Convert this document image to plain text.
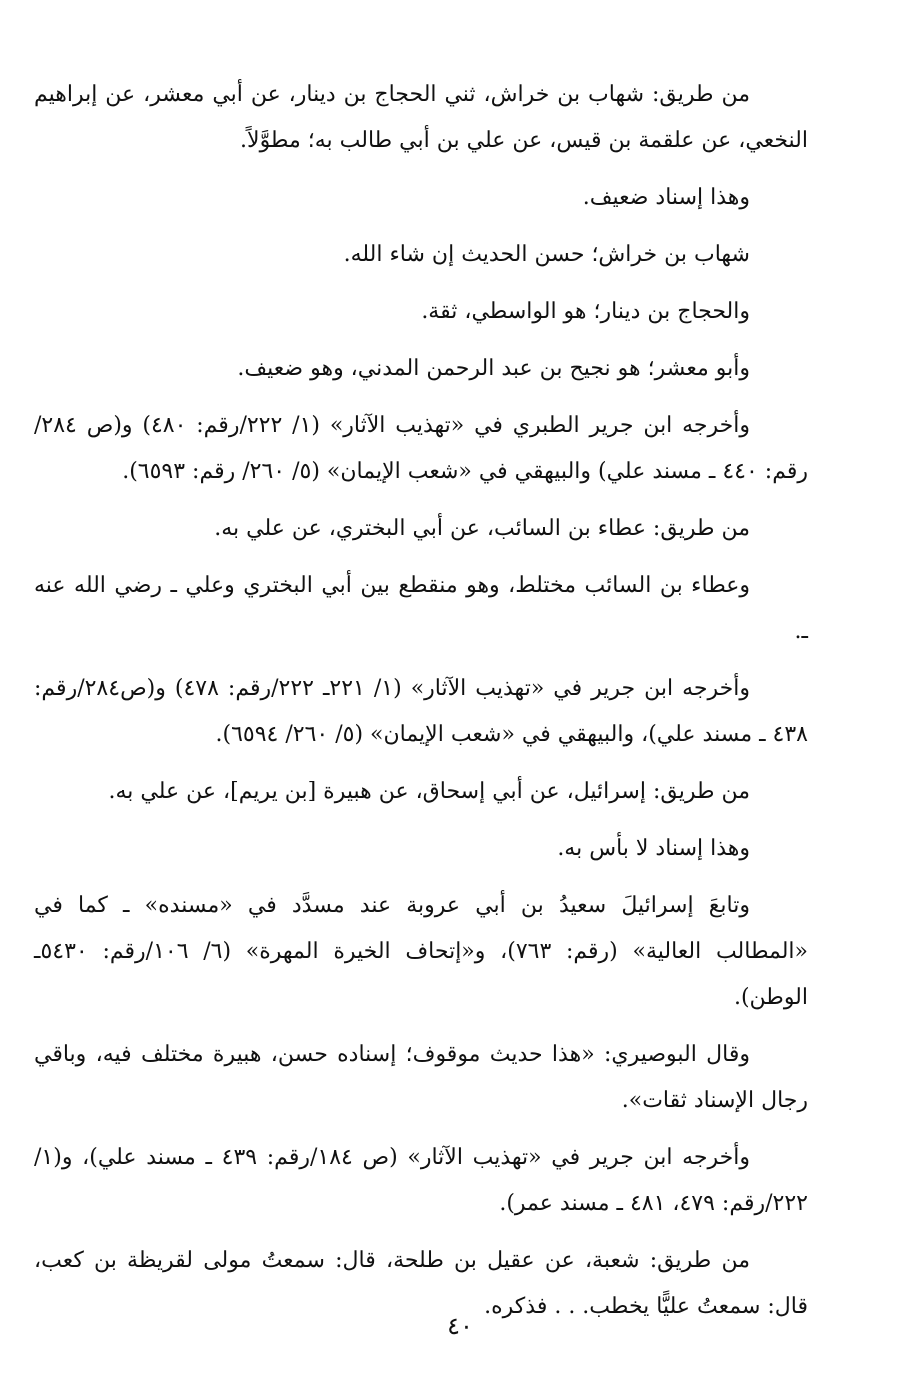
من طريق: شهاب بن خراش، ثني الحجاج بن دينار، عن أبي معشر، عن إبراهيم النخعي، عن علقمة بن قيس، عن علي بن أبي طالب به؛ مطوَّلاً.

وهذا إسناد ضعيف.

شهاب بن خراش؛ حسن الحديث إن شاء الله.

والحجاج بن دينار؛ هو الواسطي، ثقة.

وأبو معشر؛ هو نجيح بن عبد الرحمن المدني، وهو ضعيف.

وأخرجه ابن جرير الطبري في «تهذيب الآثار» (١/ ٢٢٢/رقم: ٤٨٠) و(ص ٢٨٤/رقم: ٤٤٠ ـ مسند علي) والبيهقي في «شعب الإيمان» (٥/ ٢٦٠/ رقم: ٦٥٩٣).

من طريق: عطاء بن السائب، عن أبي البختري، عن علي به.

وعطاء بن السائب مختلط، وهو منقطع بين أبي البختري وعلي ـ رضي الله عنه ـ.

وأخرجه ابن جرير في «تهذيب الآثار» (١/ ٢٢١ـ ٢٢٢/رقم: ٤٧٨) و(ص٢٨٤/رقم: ٤٣٨ ـ مسند علي)، والبيهقي في «شعب الإيمان» (٥/ ٢٦٠/ ٦٥٩٤).

من طريق: إسرائيل، عن أبي إسحاق، عن هبيرة [بن يريم]، عن علي به.

وهذا إسناد لا بأس به.

وتابعَ إسرائيلَ سعيدُ بن أبي عروبة عند مسدَّد في «مسنده» ـ كما في «المطالب العالية» (رقم: ٧٦٣)، و«إتحاف الخيرة المهرة» (٦/ ١٠٦/رقم: ٥٤٣٠ـ الوطن).

وقال البوصيري: «هذا حديث موقوف؛ إسناده حسن، هبيرة مختلف فيه، وباقي رجال الإسناد ثقات».

وأخرجه ابن جرير في «تهذيب الآثار» (ص ١٨٤/رقم: ٤٣٩ ـ مسند علي)، و(١/ ٢٢٢/رقم: ٤٧٩، ٤٨١ ـ مسند عمر).

من طريق: شعبة، عن عقيل بن طلحة، قال: سمعتُ مولى لقريظة بن كعب، قال: سمعتُ عليًّا يخطب. . . فذكره.

٤٠
